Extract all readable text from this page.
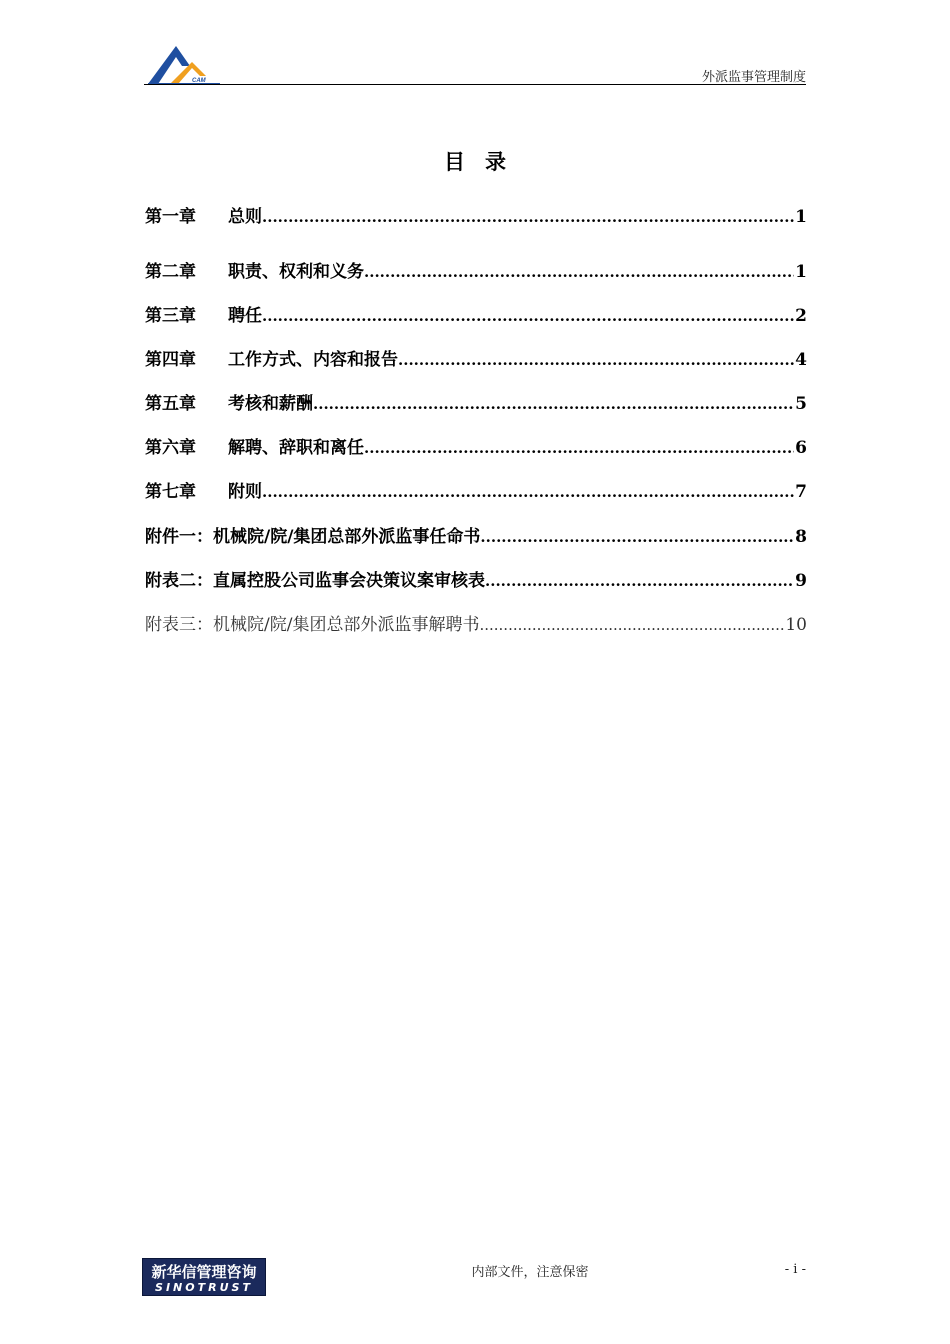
CAM	外派监事管理制度
目录
第一章	总则 .....	1
第二章	职责、权利和义务 .....	1
第三章	聘任 .....	2
第四章	工作方式、内容和报告 .....	4
第五章	考核和薪酬 .....	5
第六章	解聘、辞职和离任 .....	6
第七章	附则 .....	7
附件一：机械院/院/集团总部外派监事任命书 .....	8
附表二：直属控股公司监事会决策议案审核表 .....	9
附表三：机械院/院/集团总部外派监事解聘书 .....	10
新华信管理咨询
SINOTRUST
内部文件，注意保密	- i -
